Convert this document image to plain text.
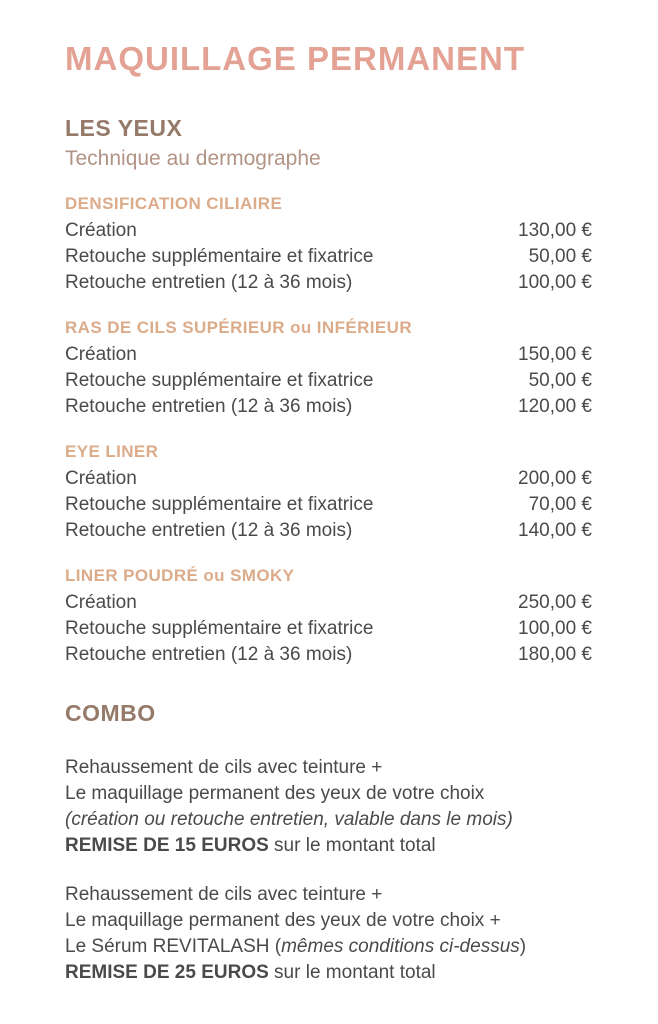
MAQUILLAGE PERMANENT
LES YEUX
Technique au dermographe
DENSIFICATION CILIAIRE
Création	130,00 €
Retouche supplémentaire et fixatrice	50,00 €
Retouche entretien (12 à 36 mois)	100,00 €
RAS DE CILS SUPÉRIEUR ou INFÉRIEUR
Création	150,00 €
Retouche supplémentaire et fixatrice	50,00 €
Retouche entretien (12 à 36 mois)	120,00 €
EYE LINER
Création	200,00 €
Retouche supplémentaire et fixatrice	70,00 €
Retouche entretien (12 à 36 mois)	140,00 €
LINER POUDRÉ ou SMOKY
Création	250,00 €
Retouche supplémentaire et fixatrice	100,00 €
Retouche entretien (12 à 36 mois)	180,00 €
COMBO
Rehaussement de cils avec teinture +
Le maquillage permanent des yeux de votre choix
(création ou retouche entretien, valable dans le mois)
REMISE DE 15 EUROS sur le montant total
Rehaussement de cils avec teinture +
Le maquillage permanent des yeux de votre choix +
Le Sérum REVITALASH (mêmes conditions ci-dessus)
REMISE DE 25 EUROS sur le montant total
